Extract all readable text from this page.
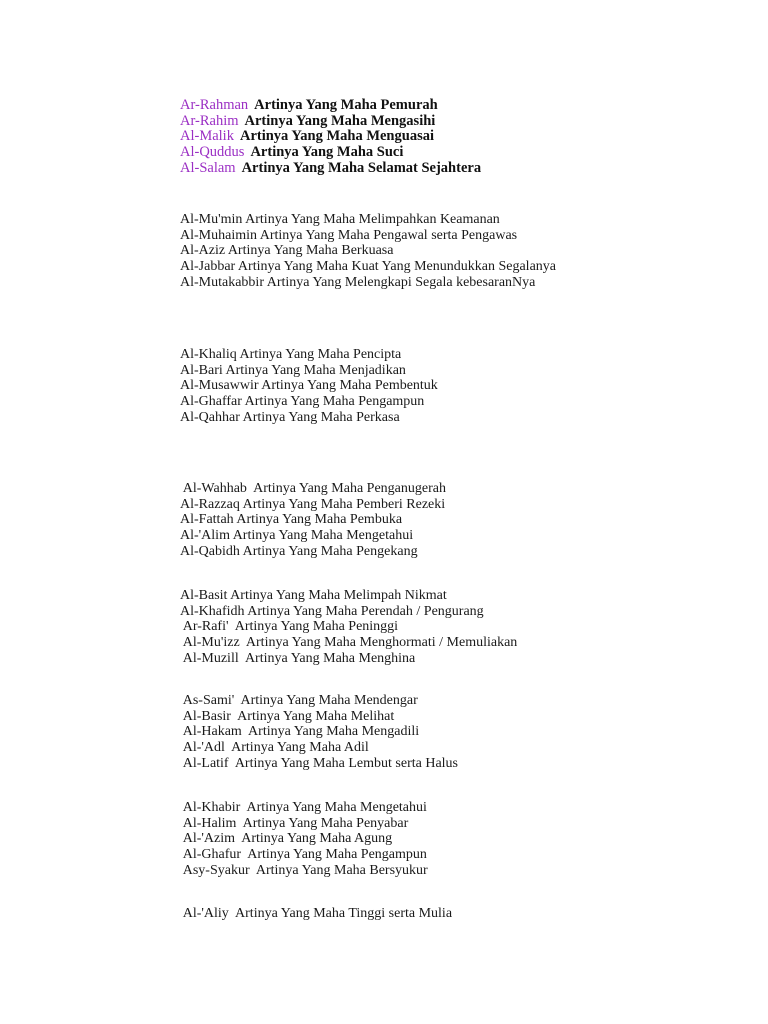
Ar-Rahman Artinya Yang Maha Pemurah
Ar-Rahim Artinya Yang Maha Mengasihi
Al-Malik Artinya Yang Maha Menguasai
Al-Quddus Artinya Yang Maha Suci
Al-Salam Artinya Yang Maha Selamat Sejahtera
Al-Mu'min Artinya Yang Maha Melimpahkan Keamanan
Al-Muhaimin Artinya Yang Maha Pengawal serta Pengawas
Al-Aziz Artinya Yang Maha Berkuasa
Al-Jabbar Artinya Yang Maha Kuat Yang Menundukkan Segalanya
Al-Mutakabbir Artinya Yang Melengkapi Segala kebesaranNya
Al-Khaliq Artinya Yang Maha Pencipta
Al-Bari Artinya Yang Maha Menjadikan
Al-Musawwir Artinya Yang Maha Pembentuk
Al-Ghaffar Artinya Yang Maha Pengampun
Al-Qahhar Artinya Yang Maha Perkasa
Al-Wahhab  Artinya Yang Maha Penganugerah
Al-Razzaq Artinya Yang Maha Pemberi Rezeki
Al-Fattah Artinya Yang Maha Pembuka
Al-'Alim Artinya Yang Maha Mengetahui
Al-Qabidh Artinya Yang Maha Pengekang
Al-Basit Artinya Yang Maha Melimpah Nikmat
Al-Khafidh Artinya Yang Maha Perendah / Pengurang
Ar-Rafi'  Artinya Yang Maha Peninggi
Al-Mu'izz  Artinya Yang Maha Menghormati / Memuliakan
Al-Muzill  Artinya Yang Maha Menghina
As-Sami'  Artinya Yang Maha Mendengar
Al-Basir  Artinya Yang Maha Melihat
Al-Hakam  Artinya Yang Maha Mengadili
Al-'Adl  Artinya Yang Maha Adil
Al-Latif  Artinya Yang Maha Lembut serta Halus
Al-Khabir  Artinya Yang Maha Mengetahui
Al-Halim  Artinya Yang Maha Penyabar
Al-'Azim  Artinya Yang Maha Agung
Al-Ghafur  Artinya Yang Maha Pengampun
Asy-Syakur  Artinya Yang Maha Bersyukur
Al-'Aliy  Artinya Yang Maha Tinggi serta Mulia
